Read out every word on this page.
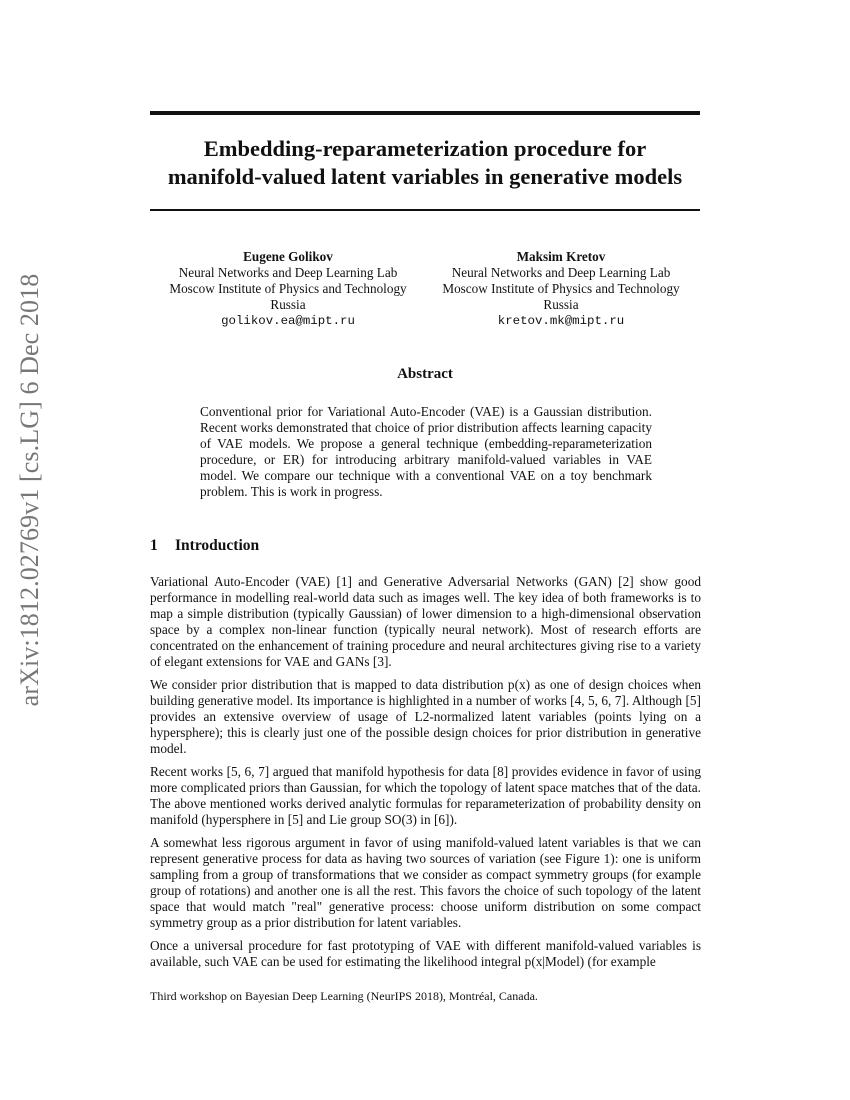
arXiv:1812.02769v1 [cs.LG] 6 Dec 2018
Embedding-reparameterization procedure for
manifold-valued latent variables in generative models
Eugene Golikov
Neural Networks and Deep Learning Lab
Moscow Institute of Physics and Technology
Russia
golikov.ea@mipt.ru
Maksim Kretov
Neural Networks and Deep Learning Lab
Moscow Institute of Physics and Technology
Russia
kretov.mk@mipt.ru
Abstract
Conventional prior for Variational Auto-Encoder (VAE) is a Gaussian distribution. Recent works demonstrated that choice of prior distribution affects learning capacity of VAE models. We propose a general technique (embedding-reparameterization procedure, or ER) for introducing arbitrary manifold-valued variables in VAE model. We compare our technique with a conventional VAE on a toy benchmark problem. This is work in progress.
1 Introduction

Variational Auto-Encoder (VAE) [1] and Generative Adversarial Networks (GAN) [2] show good performance in modelling real-world data such as images well. The key idea of both frameworks is to map a simple distribution (typically Gaussian) of lower dimension to a high-dimensional observation space by a complex non-linear function (typically neural network). Most of research efforts are concentrated on the enhancement of training procedure and neural architectures giving rise to a variety of elegant extensions for VAE and GANs [3].

We consider prior distribution that is mapped to data distribution p(x) as one of design choices when building generative model. Its importance is highlighted in a number of works [4, 5, 6, 7]. Although [5] provides an extensive overview of usage of L2-normalized latent variables (points lying on a hypersphere); this is clearly just one of the possible design choices for prior distribution in generative model.

Recent works [5, 6, 7] argued that manifold hypothesis for data [8] provides evidence in favor of using more complicated priors than Gaussian, for which the topology of latent space matches that of the data. The above mentioned works derived analytic formulas for reparameterization of probability density on manifold (hypersphere in [5] and Lie group SO(3) in [6]).

A somewhat less rigorous argument in favor of using manifold-valued latent variables is that we can represent generative process for data as having two sources of variation (see Figure 1): one is uniform sampling from a group of transformations that we consider as compact symmetry groups (for example group of rotations) and another one is all the rest. This favors the choice of such topology of the latent space that would match "real" generative process: choose uniform distribution on some compact symmetry group as a prior distribution for latent variables.

Once a universal procedure for fast prototyping of VAE with different manifold-valued variables is available, such VAE can be used for estimating the likelihood integral p(x|Model) (for example

Third workshop on Bayesian Deep Learning (NeurIPS 2018), Montréal, Canada.
